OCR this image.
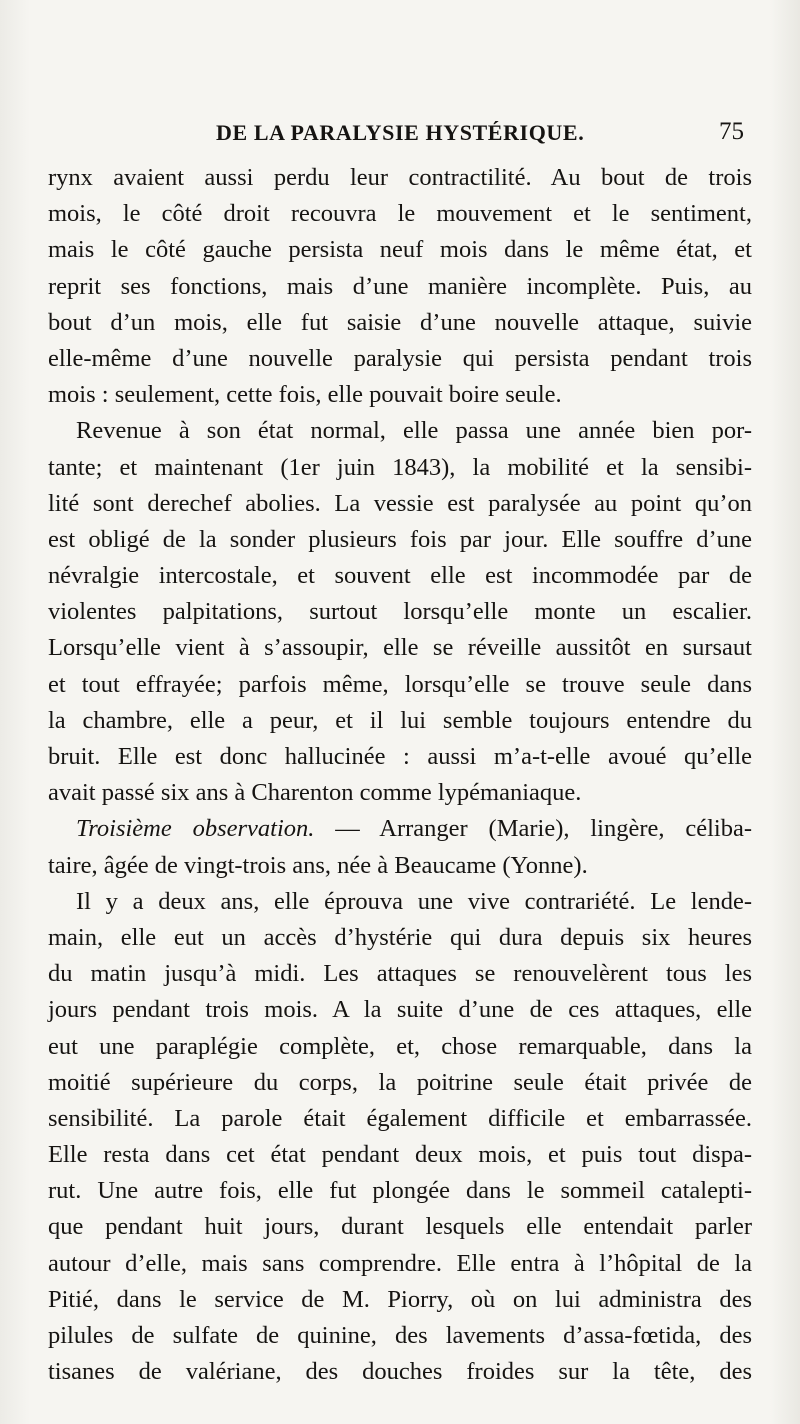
DE LA PARALYSIE HYSTÉRIQUE.	75
rynx avaient aussi perdu leur contractilité. Au bout de trois
mois, le côté droit recouvra le mouvement et le sentiment,
mais le côté gauche persista neuf mois dans le même état, et
reprit ses fonctions, mais d’une manière incomplète. Puis, au
bout d’un mois, elle fut saisie d’une nouvelle attaque, suivie
elle-même d’une nouvelle paralysie qui persista pendant trois
mois : seulement, cette fois, elle pouvait boire seule.
Revenue à son état normal, elle passa une année bien por-
tante; et maintenant (1er juin 1843), la mobilité et la sensibi-
lité sont derechef abolies. La vessie est paralysée au point qu’on
est obligé de la sonder plusieurs fois par jour. Elle souffre d’une
névralgie intercostale, et souvent elle est incommodée par de
violentes palpitations, surtout lorsqu’elle monte un escalier.
Lorsqu’elle vient à s’assoupir, elle se réveille aussitôt en sursaut
et tout effrayée; parfois même, lorsqu’elle se trouve seule dans
la chambre, elle a peur, et il lui semble toujours entendre du
bruit. Elle est donc hallucinée : aussi m’a-t-elle avoué qu’elle
avait passé six ans à Charenton comme lypémaniaque.
Troisième observation. — Arranger (Marie), lingère, céliba-
taire, âgée de vingt-trois ans, née à Beaucame (Yonne).
Il y a deux ans, elle éprouva une vive contrariété. Le lende-
main, elle eut un accès d’hystérie qui dura depuis six heures
du matin jusqu’à midi. Les attaques se renouvelèrent tous les
jours pendant trois mois. A la suite d’une de ces attaques, elle
eut une paraplégie complète, et, chose remarquable, dans la
moitié supérieure du corps, la poitrine seule était privée de
sensibilité. La parole était également difficile et embarrassée.
Elle resta dans cet état pendant deux mois, et puis tout dispa-
rut. Une autre fois, elle fut plongée dans le sommeil catalepti-
que pendant huit jours, durant lesquels elle entendait parler
autour d’elle, mais sans comprendre. Elle entra à l’hôpital de la
Pitié, dans le service de M. Piorry, où on lui administra des
pilules de sulfate de quinine, des lavements d’assa-fœtida, des
tisanes de valériane, des douches froides sur la tête, des
